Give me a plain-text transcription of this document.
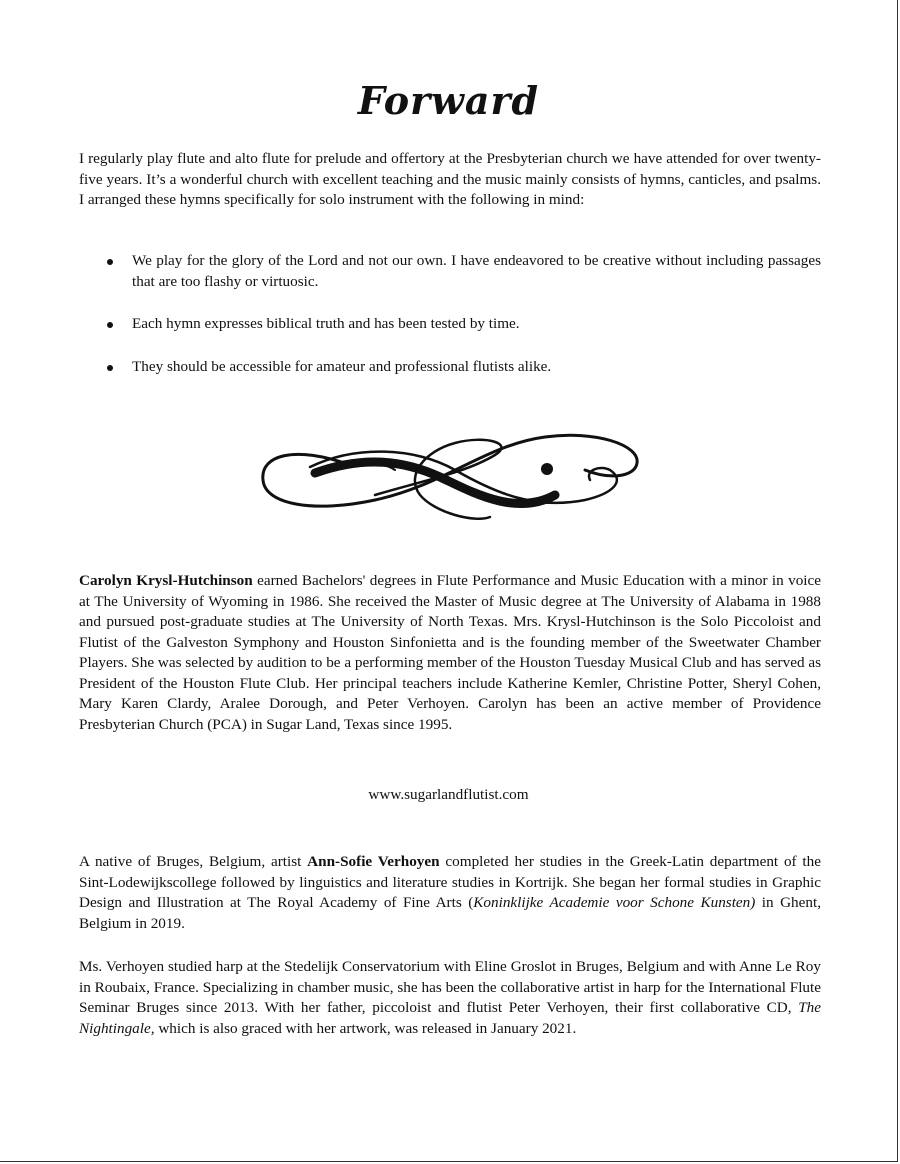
Forward

I regularly play flute and alto flute for prelude and offertory at the Presbyterian church we have attended for over twenty-five years. It’s a wonderful church with excellent teaching and the music mainly consists of hymns, canticles, and psalms. I arranged these hymns specifically for solo instrument with the following in mind:

We play for the glory of the Lord and not our own. I have endeavored to be creative without including passages that are too flashy or virtuosic.
Each hymn expresses biblical truth and has been tested by time.
They should be accessible for amateur and professional flutists alike.

Carolyn Krysl-Hutchinson earned Bachelors' degrees in Flute Performance and Music Education with a minor in voice at The University of Wyoming in 1986. She received the Master of Music degree at The University of Alabama in 1988 and pursued post-graduate studies at The University of North Texas. Mrs. Krysl-Hutchinson is the Solo Piccoloist and Flutist of the Galveston Symphony and Houston Sinfonietta and is the founding member of the Sweetwater Chamber Players. She was selected by audition to be a performing member of the Houston Tuesday Musical Club and has served as President of the Houston Flute Club. Her principal teachers include Katherine Kemler, Christine Potter, Sheryl Cohen, Mary Karen Clardy, Aralee Dorough, and Peter Verhoyen. Carolyn has been an active member of Providence Presbyterian Church (PCA) in Sugar Land, Texas since 1995.

www.sugarlandflutist.com

A native of Bruges, Belgium, artist Ann-Sofie Verhoyen completed her studies in the Greek-Latin department of the Sint-Lodewijkscollege followed by linguistics and literature studies in Kortrijk. She began her formal studies in Graphic Design and Illustration at The Royal Academy of Fine Arts (Koninklijke Academie voor Schone Kunsten) in Ghent, Belgium in 2019.

Ms. Verhoyen studied harp at the Stedelijk Conservatorium with Eline Groslot in Bruges, Belgium and with Anne Le Roy in Roubaix, France. Specializing in chamber music, she has been the collaborative artist in harp for the International Flute Seminar Bruges since 2013. With her father, piccoloist and flutist Peter Verhoyen, their first collaborative CD, The Nightingale, which is also graced with her artwork, was released in January 2021.
